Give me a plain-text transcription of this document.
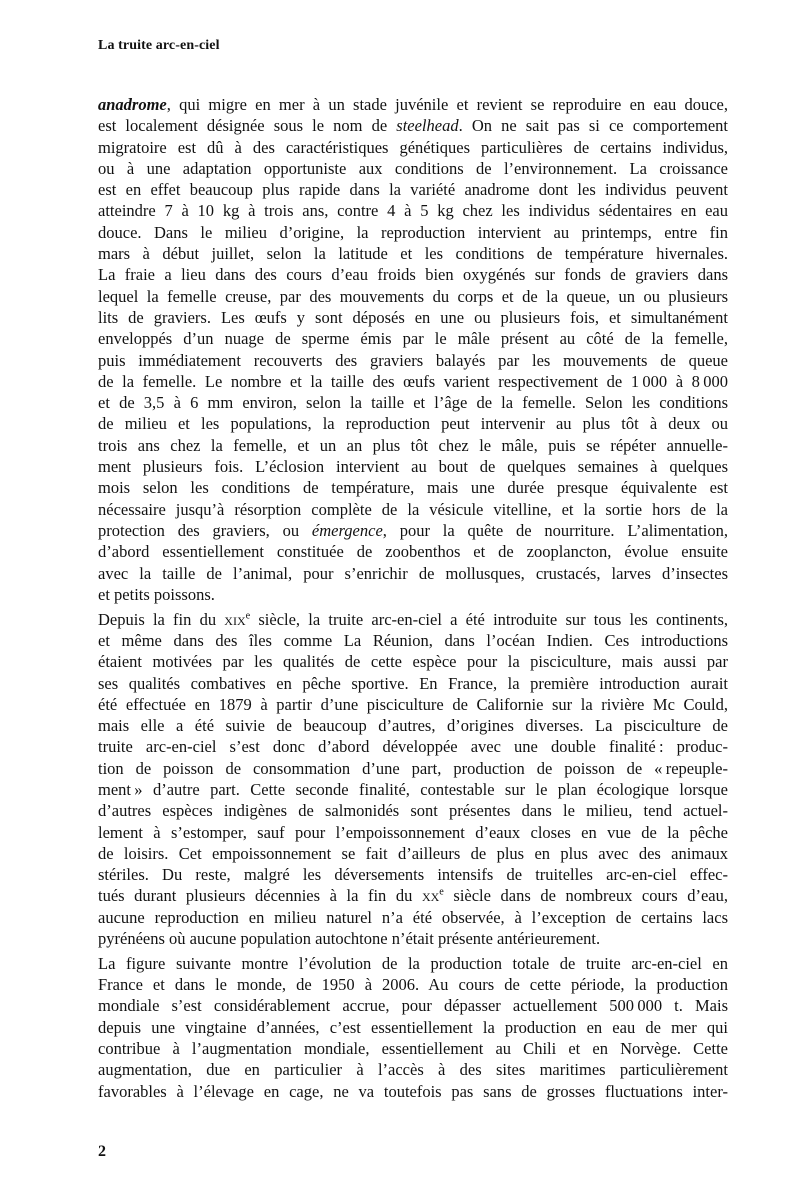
La truite arc-en-ciel
anadrome, qui migre en mer à un stade juvénile et revient se reproduire en eau douce,
est localement désignée sous le nom de steelhead. On ne sait pas si ce comportement
migratoire est dû à des caractéristiques génétiques particulières de certains individus,
ou à une adaptation opportuniste aux conditions de l’environnement. La croissance
est en effet beaucoup plus rapide dans la variété anadrome dont les individus peuvent
atteindre 7 à 10 kg à trois ans, contre 4 à 5 kg chez les individus sédentaires en eau
douce. Dans le milieu d’origine, la reproduction intervient au printemps, entre fin
mars à début juillet, selon la latitude et les conditions de température hivernales.
La fraie a lieu dans des cours d’eau froids bien oxygénés sur fonds de graviers dans
lequel la femelle creuse, par des mouvements du corps et de la queue, un ou plusieurs
lits de graviers. Les œufs y sont déposés en une ou plusieurs fois, et simultanément
enveloppés d’un nuage de sperme émis par le mâle présent au côté de la femelle,
puis immédiatement recouverts des graviers balayés par les mouvements de queue
de la femelle. Le nombre et la taille des œufs varient respectivement de 1 000 à 8 000
et de 3,5 à 6 mm environ, selon la taille et l’âge de la femelle. Selon les conditions
de milieu et les populations, la reproduction peut intervenir au plus tôt à deux ou
trois ans chez la femelle, et un an plus tôt chez le mâle, puis se répéter annuelle-
ment plusieurs fois. L’éclosion intervient au bout de quelques semaines à quelques
mois selon les conditions de température, mais une durée presque équivalente est
nécessaire jusqu’à résorption complète de la vésicule vitelline, et la sortie hors de la
protection des graviers, ou émergence, pour la quête de nourriture. L’alimentation,
d’abord essentiellement constituée de zoobenthos et de zooplancton, évolue ensuite
avec la taille de l’animal, pour s’enrichir de mollusques, crustacés, larves d’insectes
et petits poissons.
Depuis la fin du xix$^e$ siècle, la truite arc-en-ciel a été introduite sur tous les continents,
et même dans des îles comme La Réunion, dans l’océan Indien. Ces introductions
étaient motivées par les qualités de cette espèce pour la pisciculture, mais aussi par
ses qualités combatives en pêche sportive. En France, la première introduction aurait
été effectuée en 1879 à partir d’une pisciculture de Californie sur la rivière Mc Could,
mais elle a été suivie de beaucoup d’autres, d’origines diverses. La pisciculture de
truite arc-en-ciel s’est donc d’abord développée avec une double finalité : produc-
tion de poisson de consommation d’une part, production de poisson de « repeuple-
ment » d’autre part. Cette seconde finalité, contestable sur le plan écologique lorsque
d’autres espèces indigènes de salmonidés sont présentes dans le milieu, tend actuel-
lement à s’estomper, sauf pour l’empoissonnement d’eaux closes en vue de la pêche
de loisirs. Cet empoissonnement se fait d’ailleurs de plus en plus avec des animaux
stériles. Du reste, malgré les déversements intensifs de truitelles arc-en-ciel effec-
tués durant plusieurs décennies à la fin du $xx^e$ siècle dans de nombreux cours d’eau,
aucune reproduction en milieu naturel n’a été observée, à l’exception de certains lacs
pyrénéens où aucune population autochtone n’était présente antérieurement.
La figure suivante montre l’évolution de la production totale de truite arc-en-ciel en
France et dans le monde, de 1950 à 2006. Au cours de cette période, la production
mondiale s’est considérablement accrue, pour dépasser actuellement 500 000 t. Mais
depuis une vingtaine d’années, c’est essentiellement la production en eau de mer qui
contribue à l’augmentation mondiale, essentiellement au Chili et en Norvège. Cette
augmentation, due en particulier à l’accès à des sites maritimes particulièrement
favorables à l’élevage en cage, ne va toutefois pas sans de grosses fluctuations inter-
2
